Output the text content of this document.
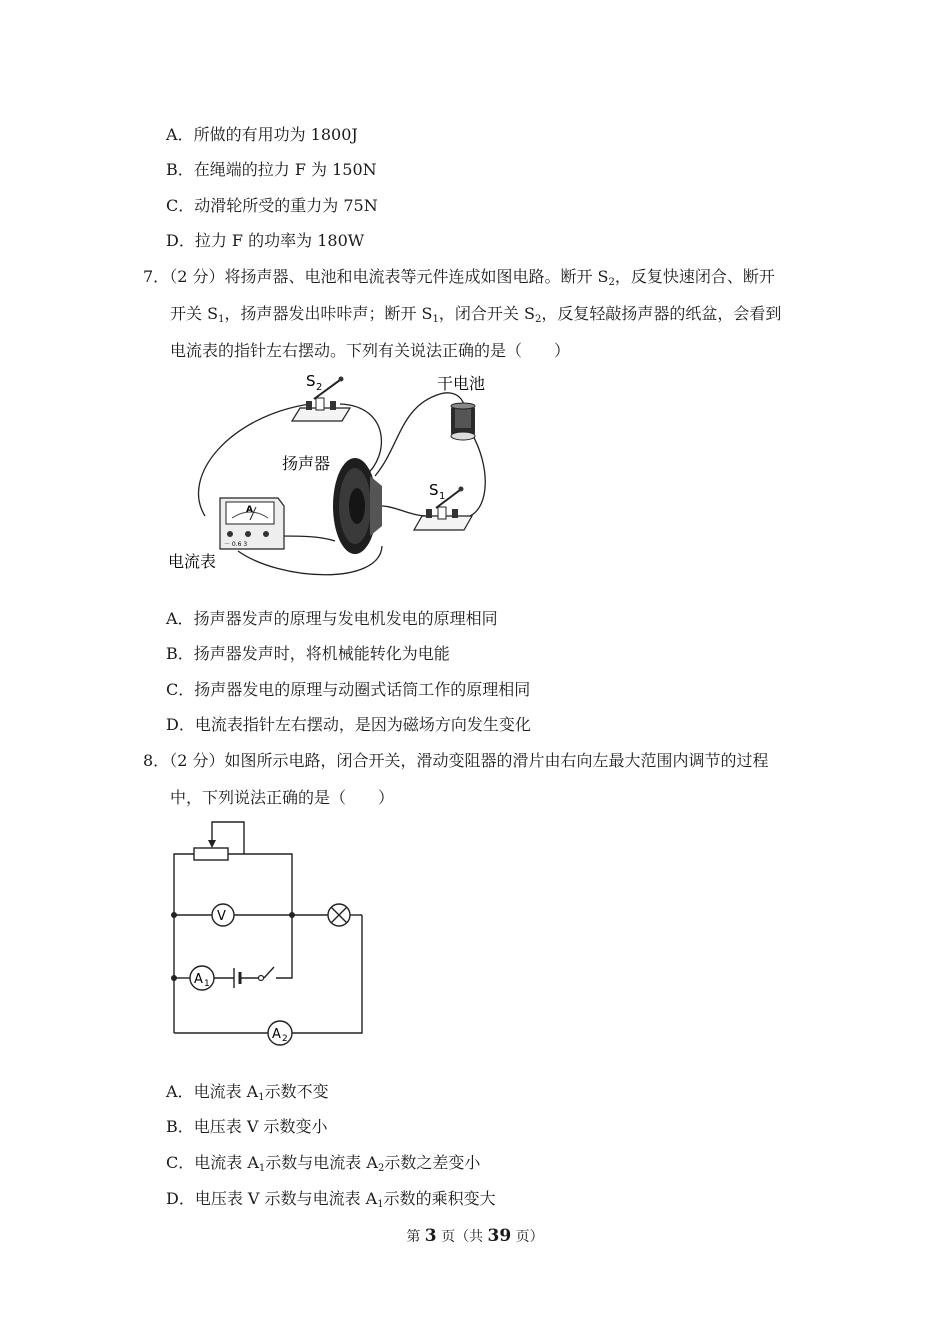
A．所做的有用功为 1800J
B．在绳端的拉力 F 为 150N
C．动滑轮所受的重力为 75N
D．拉力 F 的功率为 180W
7．（2 分）将扬声器、电池和电流表等元件连成如图电路。断开 $S_2$，反复快速闭合、断开
开关 $S_1$，扬声器发出咔咔声；断开 $S_1$，闭合开关 $S_2$，反复轻敲扬声器的纸盆，会看到
电流表的指针左右摆动。下列有关说法正确的是（　　）
S 2	干电池
扬声器
S 1
A
－ 0.6 3
电流表
A．扬声器发声的原理与发电机发电的原理相同
B．扬声器发声时，将机械能转化为电能
C．扬声器发电的原理与动圈式话筒工作的原理相同
D．电流表指针左右摆动，是因为磁场方向发生变化
8．（2 分）如图所示电路，闭合开关，滑动变阻器的滑片由右向左最大范围内调节的过程
中，下列说法正确的是（　　）
V
A 1
A 2
A．电流表 $A_1$示数不变
B．电压表 V 示数变小
C．电流表 $A_1$示数与电流表 $A_2$示数之差变小
D．电压表 V 示数与电流表 $A_1$示数的乘积变大
第 3 页（共 39 页）
